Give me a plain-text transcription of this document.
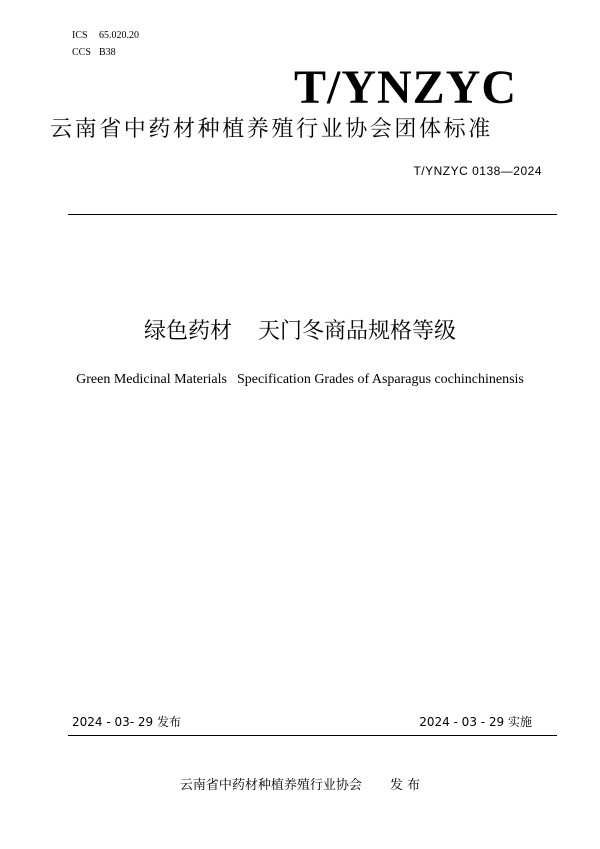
ICS 65.020.20
CCS B38
T/YNZYC
云南省中药材种植养殖行业协会团体标准
T/YNZYC 0138—2024
绿色药材 天门冬商品规格等级
Green Medicinal Materials Specification Grades of Asparagus cochinchinensis
2024 - 03- 29 发布	2024 - 03 - 29 实施
云南省中药材种植养殖行业协会 发 布
